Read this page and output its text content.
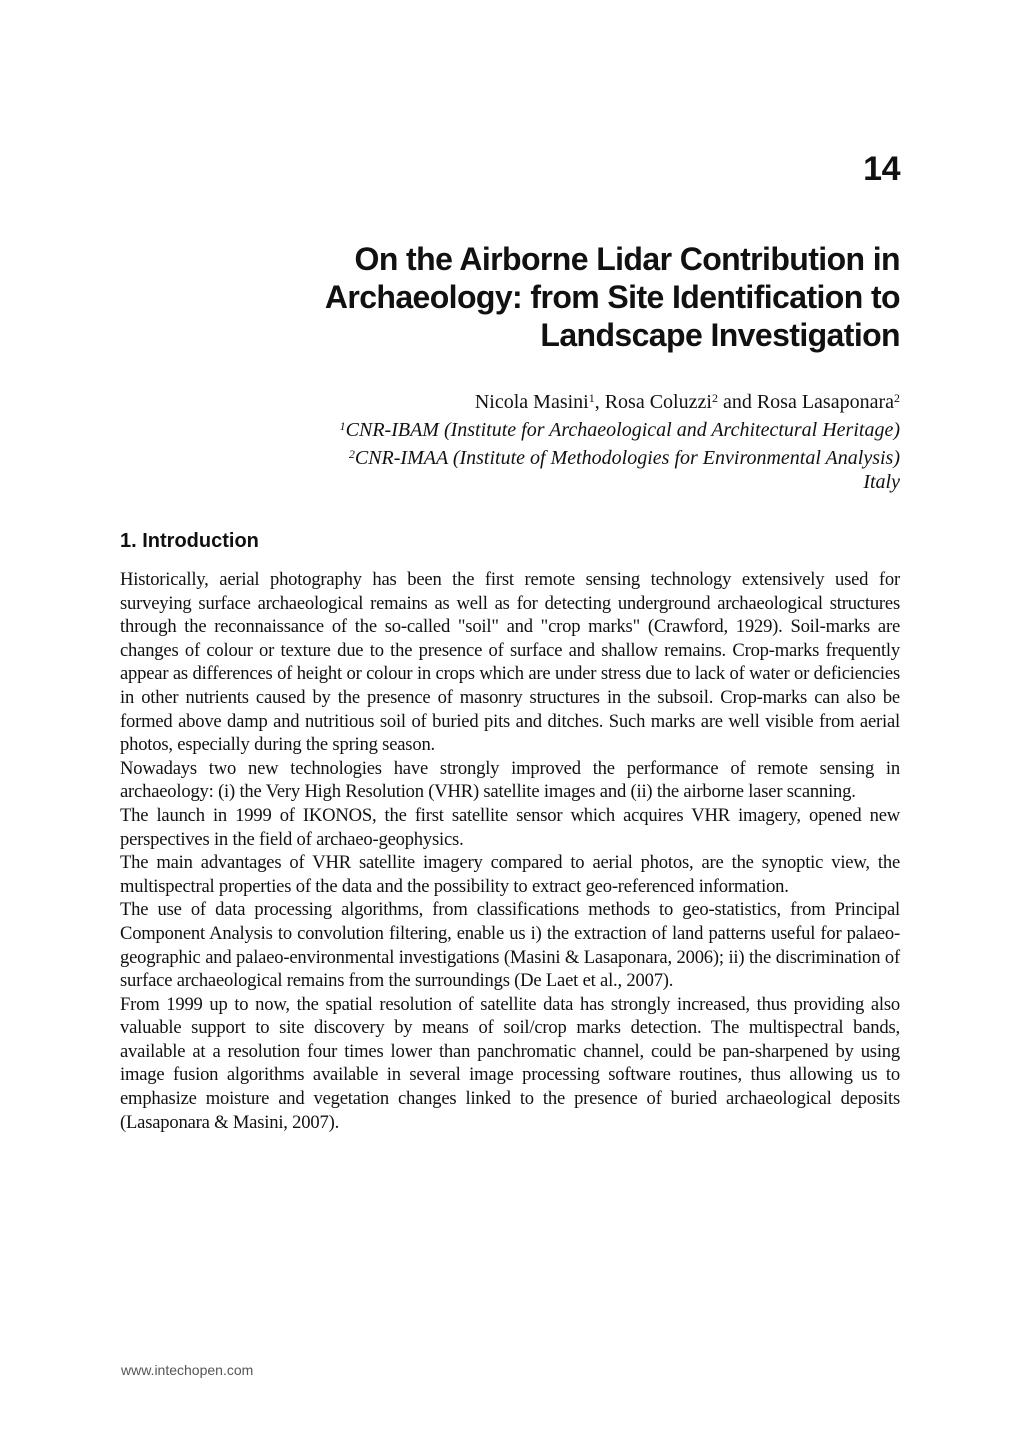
14
On the Airborne Lidar Contribution in
Archaeology: from Site Identification to
Landscape Investigation
Nicola Masini$^1$, Rosa Coluzzi$^2$ and Rosa Lasaponara$^2$
$^1$CNR-IBAM (Institute for Archaeological and Architectural Heritage)
$^2$CNR-IMAA (Institute of Methodologies for Environmental Analysis)
Italy
1. Introduction

Historically, aerial photography has been the first remote sensing technology extensively used for surveying surface archaeological remains as well as for detecting underground archaeological structures through the reconnaissance of the so-called "soil" and "crop marks" (Crawford, 1929). Soil-marks are changes of colour or texture due to the presence of surface and shallow remains. Crop-marks frequently appear as differences of height or colour in crops which are under stress due to lack of water or deficiencies in other nutrients caused by the presence of masonry structures in the subsoil. Crop-marks can also be formed above damp and nutritious soil of buried pits and ditches. Such marks are well visible from aerial photos, especially during the spring season.

Nowadays two new technologies have strongly improved the performance of remote sensing in archaeology: (i) the Very High Resolution (VHR) satellite images and (ii) the airborne laser scanning.

The launch in 1999 of IKONOS, the first satellite sensor which acquires VHR imagery, opened new perspectives in the field of archaeo-geophysics.

The main advantages of VHR satellite imagery compared to aerial photos, are the synoptic view, the multispectral properties of the data and the possibility to extract geo-referenced information.

The use of data processing algorithms, from classifications methods to geo-statistics, from Principal Component Analysis to convolution filtering, enable us i) the extraction of land patterns useful for palaeo-geographic and palaeo-environmental investigations (Masini & Lasaponara, 2006); ii) the discrimination of surface archaeological remains from the surroundings (De Laet et al., 2007).

From 1999 up to now, the spatial resolution of satellite data has strongly increased, thus providing also valuable support to site discovery by means of soil/crop marks detection. The multispectral bands, available at a resolution four times lower than panchromatic channel, could be pan-sharpened by using image fusion algorithms available in several image processing software routines, thus allowing us to emphasize moisture and vegetation changes linked to the presence of buried archaeological deposits (Lasaponara & Masini, 2007).

www.intechopen.com
